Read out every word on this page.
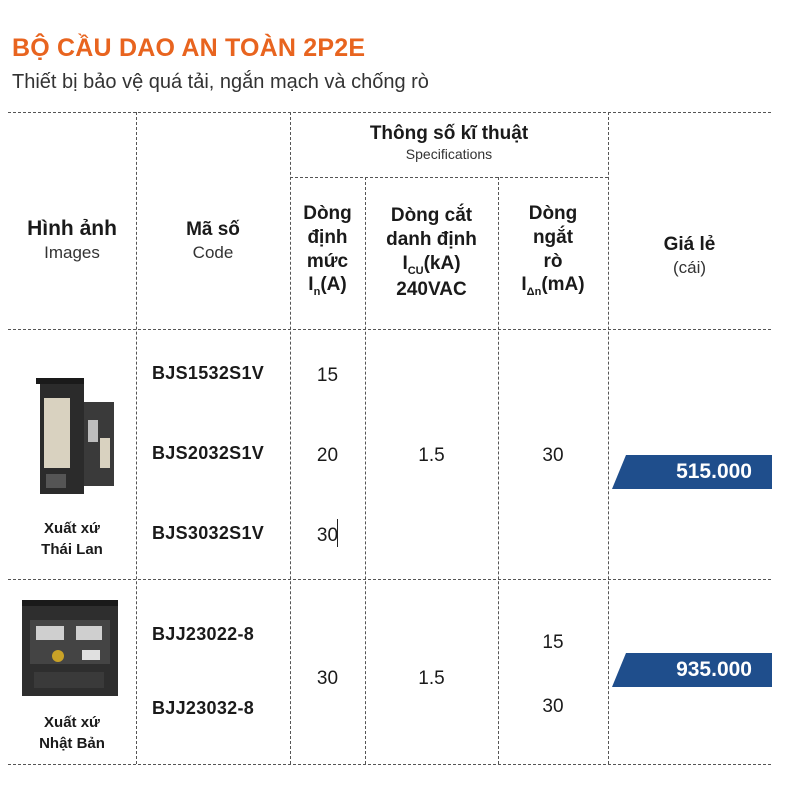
BỘ CẦU DAO AN TOÀN 2P2E
Thiết bị bảo vệ quá tải, ngắn mạch và chống rò
Hình ảnh
Images
Mã số
Code
Thông số kĩ thuật
Specifications
Dòng
định
mức
$I_n(A)$
Dòng cắt
danh định
$I_{CU}(kA)$
240VAC
Dòng
ngắt
rò
$I_{\Delta n}(mA)$
Giá lẻ
(cái)
Xuất xứ
Thái Lan
BJS1532S1V
BJS2032S1V
BJS3032S1V
15
20
30
1.5	30
515.000
Xuất xứ
Nhật Bản
BJJ23022-8
BJJ23032-8
30	1.5
15
30
935.000
